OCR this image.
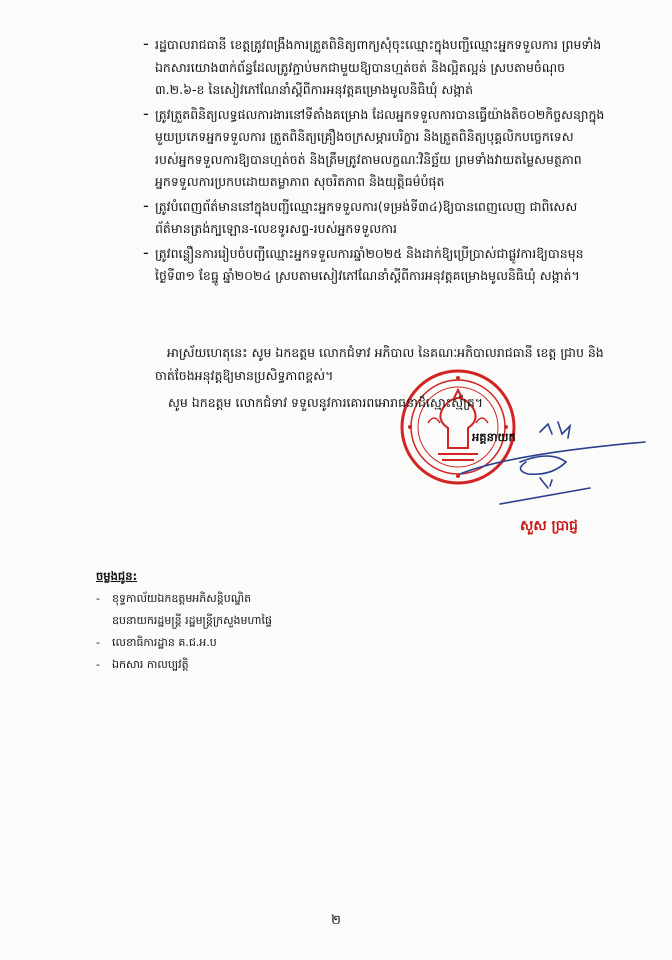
- រដ្ឋបាលរាជធានី ខេត្តត្រូវពង្រឹងការត្រួតពិនិត្យពាក្យសុំចុះឈ្មោះក្នុងបញ្ជីឈ្មោះអ្នកទទួលការ ព្រមទាំង
ឯកសារយោង៣ក់ព័ន្ធដែលត្រូវភ្ជាប់មកជាមួយឱ្យបានហ្មត់ចត់ និងល្អិតល្អន់ ស្របតាមចំណុច
៣.២.៦-ខ នៃសៀវភៅណែនាំស្តីពីការអនុវត្តគម្រោងមូលនិធិឃុំ សង្កាត់
- ត្រូវត្រួតពិនិត្យលទ្ធផលការងារនៅទីតាំងគម្រោង ដែលអ្នកទទួលការបានធ្វើយ៉ាងតិច០២កិច្ចសន្យាក្នុង
មួយប្រភេទអ្នកទទួលការ ត្រួតពិនិត្យគ្រឿងចក្រសម្ភារបរិក្ខារ និងត្រួតពិនិត្យបុគ្គលិកបច្ចេកទេស
របស់អ្នកទទួលការឱ្យបានហ្មត់ចត់ និងត្រឹមត្រូវតាមលក្ខណៈវិនិច្ឆ័យ ព្រមទាំងវាយតម្លៃសមត្ថភាព
អ្នកទទួលការប្រកបដោយតម្លាភាព សុចរិតភាព និងយុត្តិធម៌បំផុត
- ត្រូវបំពេញព័ត៌មាននៅក្នុងបញ្ជីឈ្មោះអ្នកទទួលការ(ទម្រង់ទី៣៤)ឱ្យបានពេញលេញ ជាពិសេស
ព័ត៌មានត្រង់ក្បឡោន-លេខទូរសព្ទ-របស់អ្នកទទួលការ
- ត្រូវពន្លឿនការរៀបចំបញ្ជីឈ្មោះអ្នកទទួលការឆ្នាំ២០២៥ និងដាក់ឱ្យប្រើប្រាស់ជាផ្លូវការឱ្យបានមុន
ថ្ងៃទី៣១ ខែធ្នូ ឆ្នាំ២០២៤ ស្របតាមសៀវភៅណែនាំស្តីពីការអនុវត្តគម្រោងមូលនិធិឃុំ សង្កាត់។
អាស្រ័យហេតុនេះ សូម ឯកឧត្តម លោកជំទាវ អភិបាល នៃគណៈអភិបាលរាជធានី ខេត្ត ជ្រាប និង
ចាត់ចែងអនុវត្តឱ្យមានប្រសិទ្ធភាពខ្ពស់។
សូម ឯកឧត្តម លោកជំទាវ ទទួលនូវការគោរពអោរាធនាដ៏ស្មោះស្ម័គ្រ។
អគ្គនាយក
សួស ប្រាជ្ញ
ចម្លងជូន:
- ខុទ្ទកាល័យឯកឧត្តមអភិសន្តិបណ្ឌិត
ឧបនាយករដ្ឋមន្ត្រី រដ្ឋមន្ត្រីក្រសួងមហាផ្ទៃ
- លេខាធិការដ្ឋាន គ.ជ.អ.ប
- ឯកសារ កាលប្បវត្តិ
២
